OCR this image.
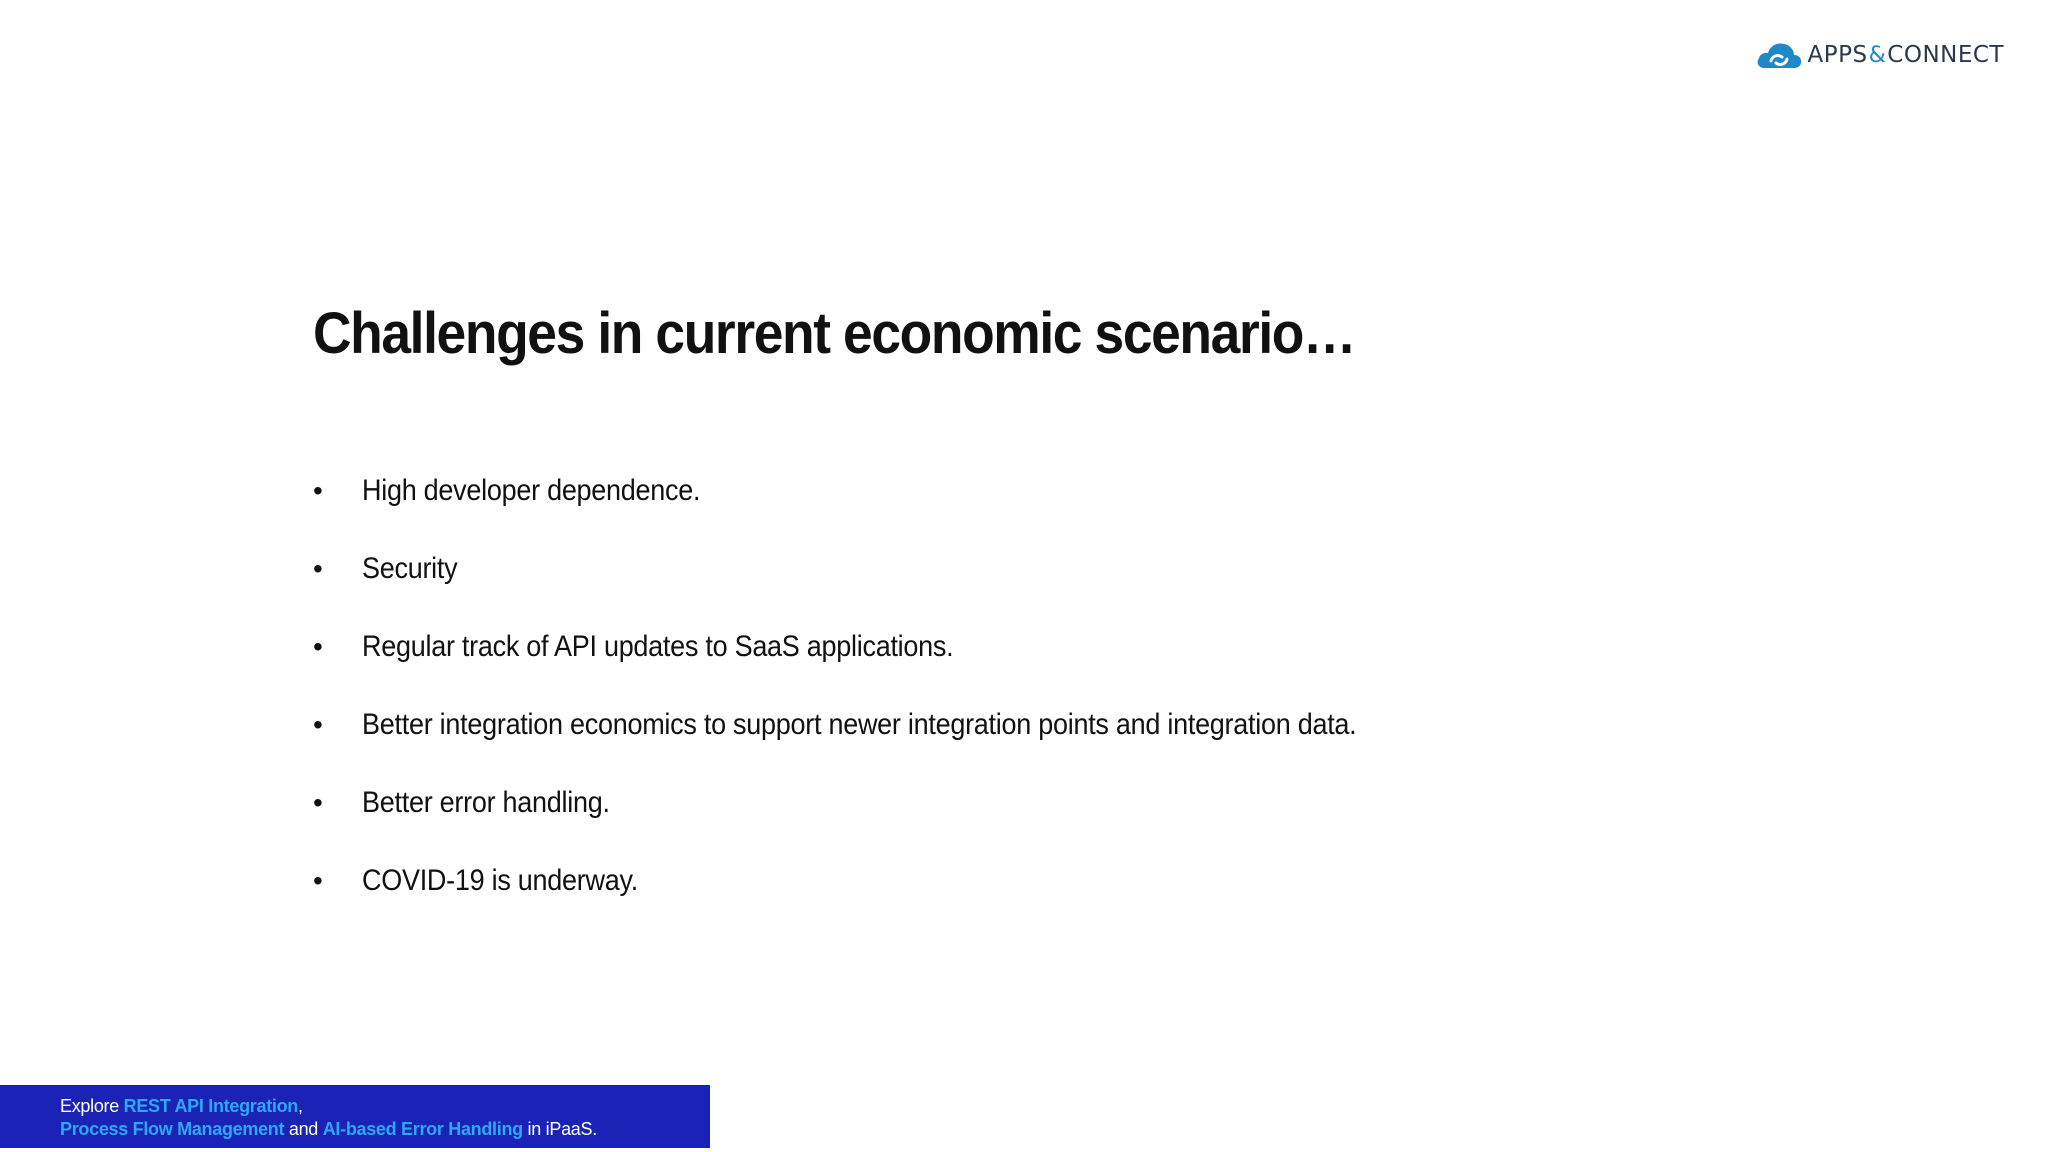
APPS & CONNECT
Challenges in current economic scenario…
•	High developer dependence.
•	Security
•	Regular track of API updates to SaaS applications.
•	Better integration economics to support newer integration points and integration data.
•	Better error handling.
•	COVID-19 is underway.
Explore REST API Integration,
Process Flow Management and AI-based Error Handling in iPaaS.
